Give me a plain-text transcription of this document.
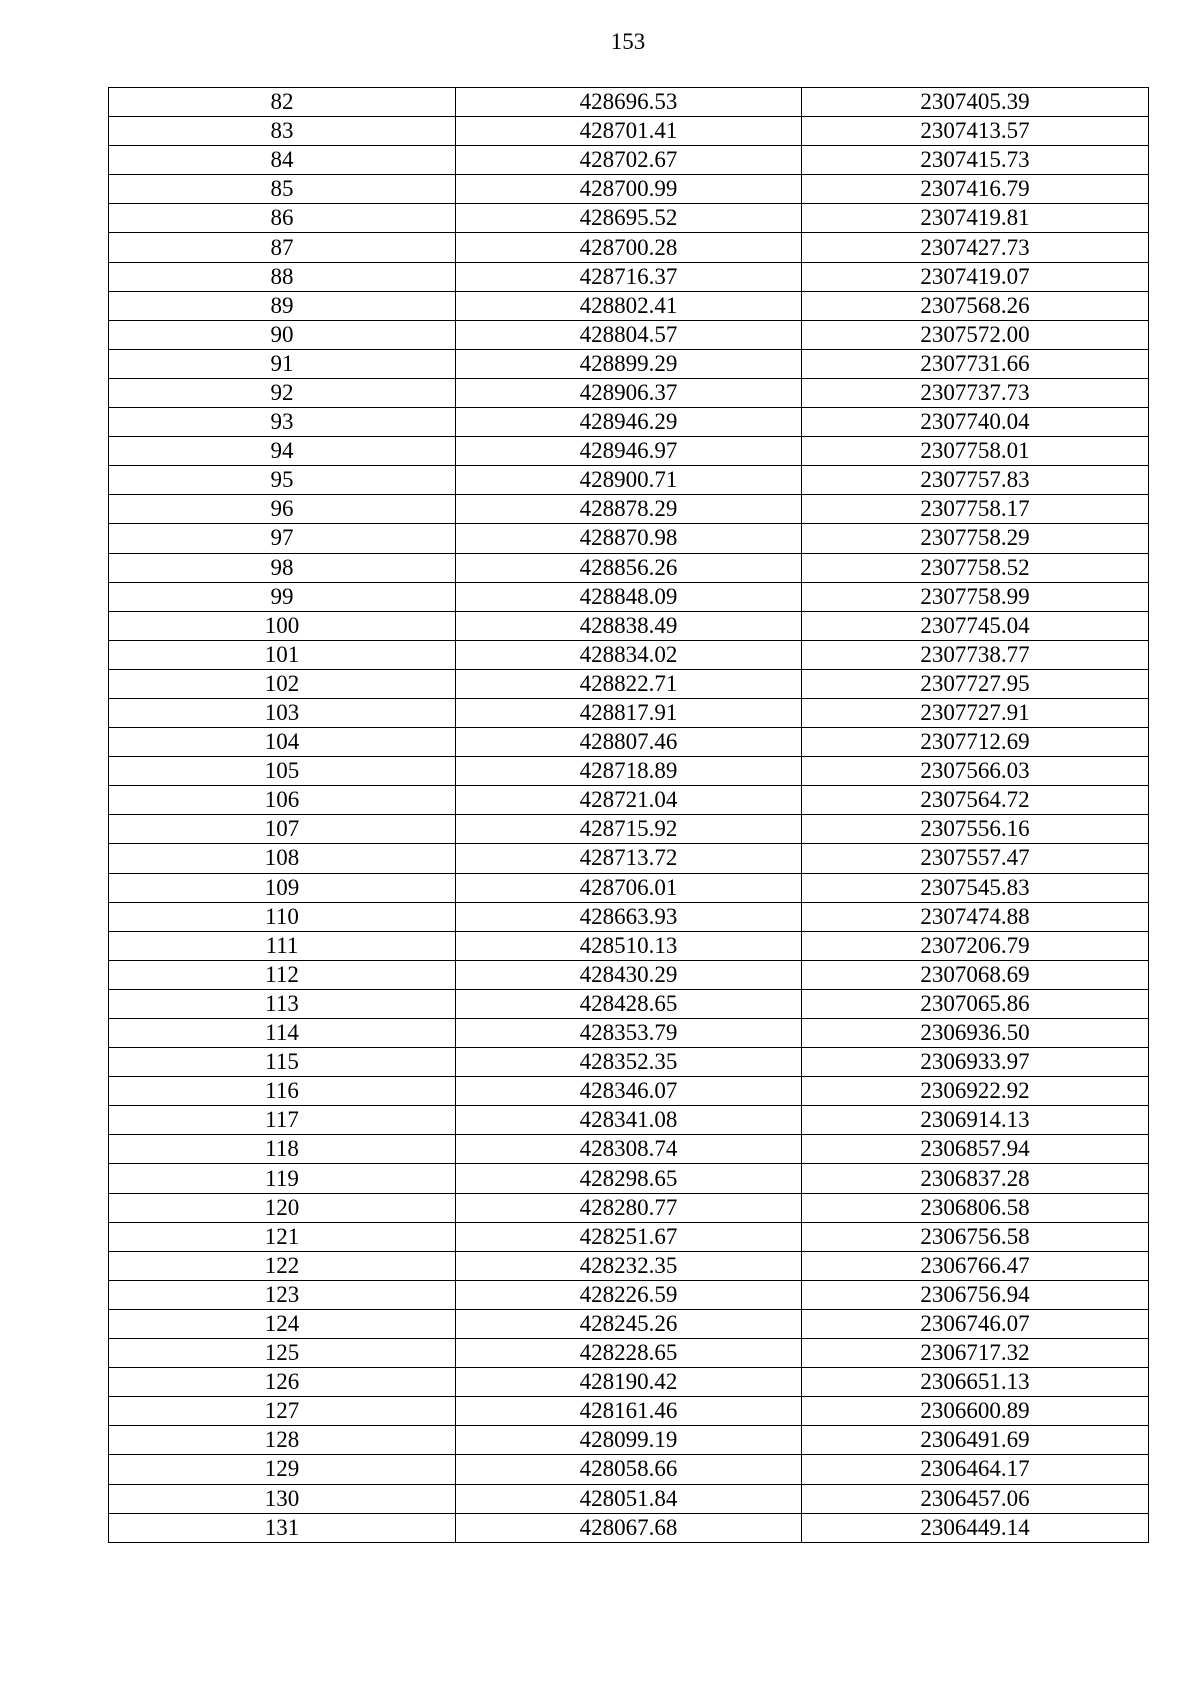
153
82	428696.53	2307405.39
83	428701.41	2307413.57
84	428702.67	2307415.73
85	428700.99	2307416.79
86	428695.52	2307419.81
87	428700.28	2307427.73
88	428716.37	2307419.07
89	428802.41	2307568.26
90	428804.57	2307572.00
91	428899.29	2307731.66
92	428906.37	2307737.73
93	428946.29	2307740.04
94	428946.97	2307758.01
95	428900.71	2307757.83
96	428878.29	2307758.17
97	428870.98	2307758.29
98	428856.26	2307758.52
99	428848.09	2307758.99
100	428838.49	2307745.04
101	428834.02	2307738.77
102	428822.71	2307727.95
103	428817.91	2307727.91
104	428807.46	2307712.69
105	428718.89	2307566.03
106	428721.04	2307564.72
107	428715.92	2307556.16
108	428713.72	2307557.47
109	428706.01	2307545.83
110	428663.93	2307474.88
111	428510.13	2307206.79
112	428430.29	2307068.69
113	428428.65	2307065.86
114	428353.79	2306936.50
115	428352.35	2306933.97
116	428346.07	2306922.92
117	428341.08	2306914.13
118	428308.74	2306857.94
119	428298.65	2306837.28
120	428280.77	2306806.58
121	428251.67	2306756.58
122	428232.35	2306766.47
123	428226.59	2306756.94
124	428245.26	2306746.07
125	428228.65	2306717.32
126	428190.42	2306651.13
127	428161.46	2306600.89
128	428099.19	2306491.69
129	428058.66	2306464.17
130	428051.84	2306457.06
131	428067.68	2306449.14
